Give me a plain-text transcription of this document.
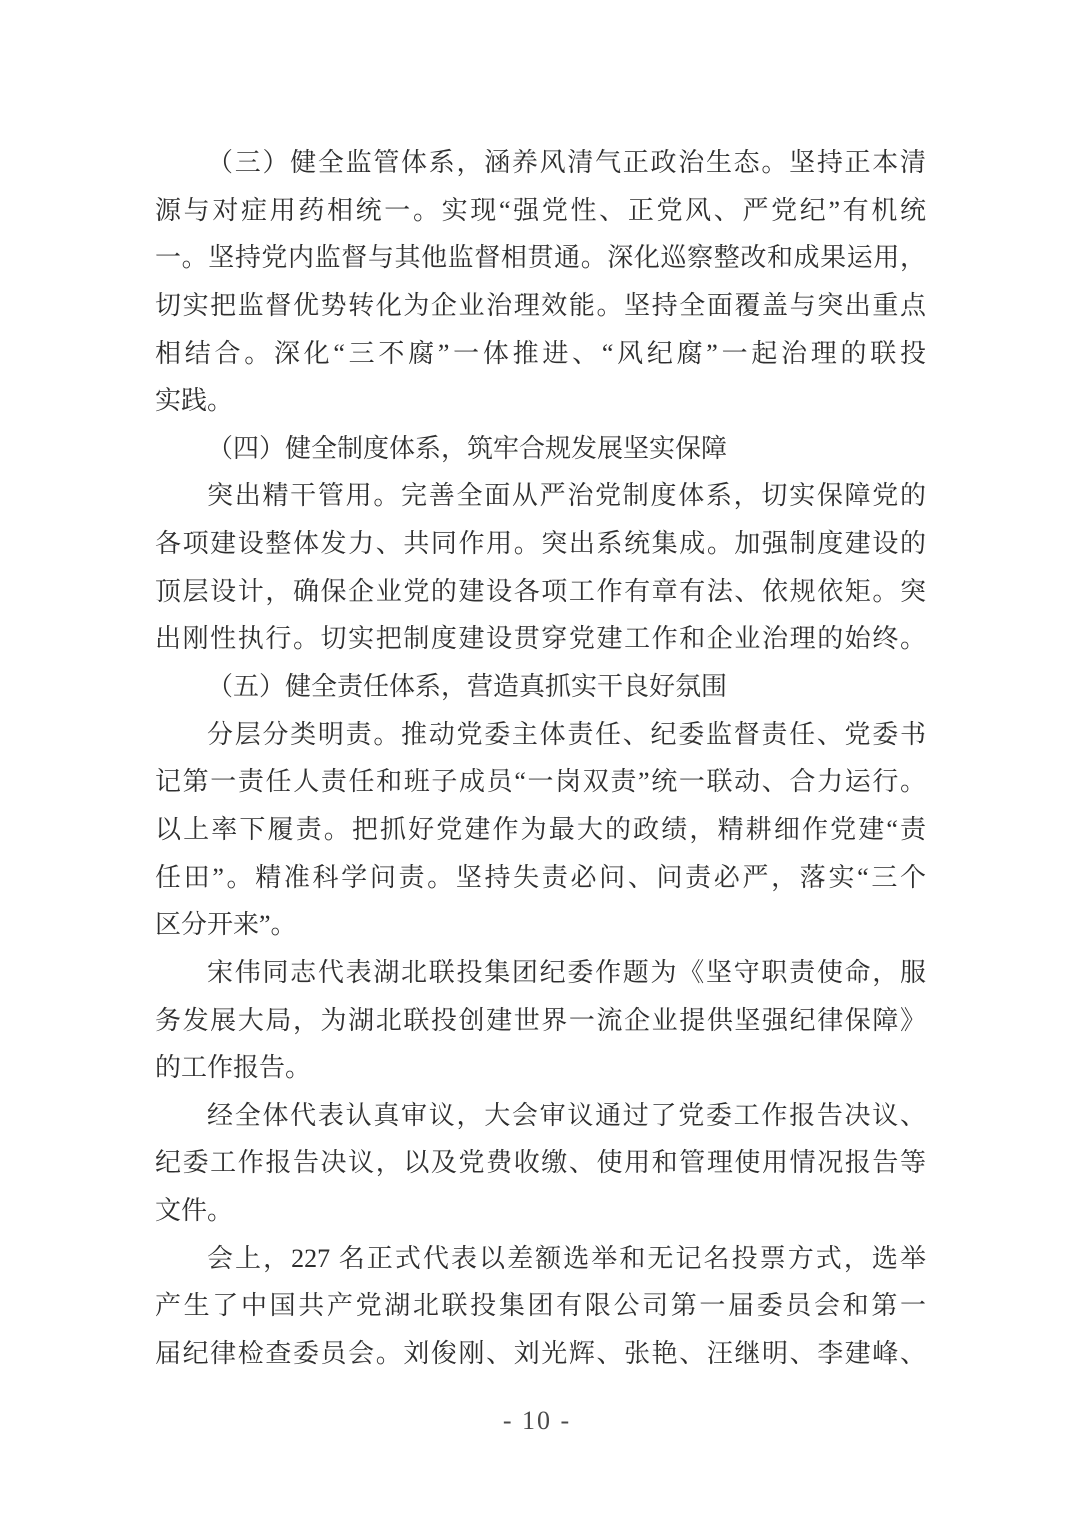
（三）健全监管体系，涵养风清气正政治生态。坚持正本清
源与对症用药相统一。实现“强党性、正党风、严党纪”有机统
一。坚持党内监督与其他监督相贯通。深化巡察整改和成果运用，
切实把监督优势转化为企业治理效能。坚持全面覆盖与突出重点
相结合。深化“三不腐”一体推进、“风纪腐”一起治理的联投
实践。
（四）健全制度体系，筑牢合规发展坚实保障
突出精干管用。完善全面从严治党制度体系，切实保障党的
各项建设整体发力、共同作用。突出系统集成。加强制度建设的
顶层设计，确保企业党的建设各项工作有章有法、依规依矩。突
出刚性执行。切实把制度建设贯穿党建工作和企业治理的始终。
（五）健全责任体系，营造真抓实干良好氛围
分层分类明责。推动党委主体责任、纪委监督责任、党委书
记第一责任人责任和班子成员“一岗双责”统一联动、合力运行。
以上率下履责。把抓好党建作为最大的政绩，精耕细作党建“责
任田”。精准科学问责。坚持失责必问、问责必严，落实“三个
区分开来”。
宋伟同志代表湖北联投集团纪委作题为《坚守职责使命，服
务发展大局，为湖北联投创建世界一流企业提供坚强纪律保障》
的工作报告。
经全体代表认真审议，大会审议通过了党委工作报告决议、
纪委工作报告决议，以及党费收缴、使用和管理使用情况报告等
文件。
会上，227 名正式代表以差额选举和无记名投票方式，选举
产生了中国共产党湖北联投集团有限公司第一届委员会和第一
届纪律检查委员会。刘俊刚、刘光辉、张艳、汪继明、李建峰、
- 10 -
